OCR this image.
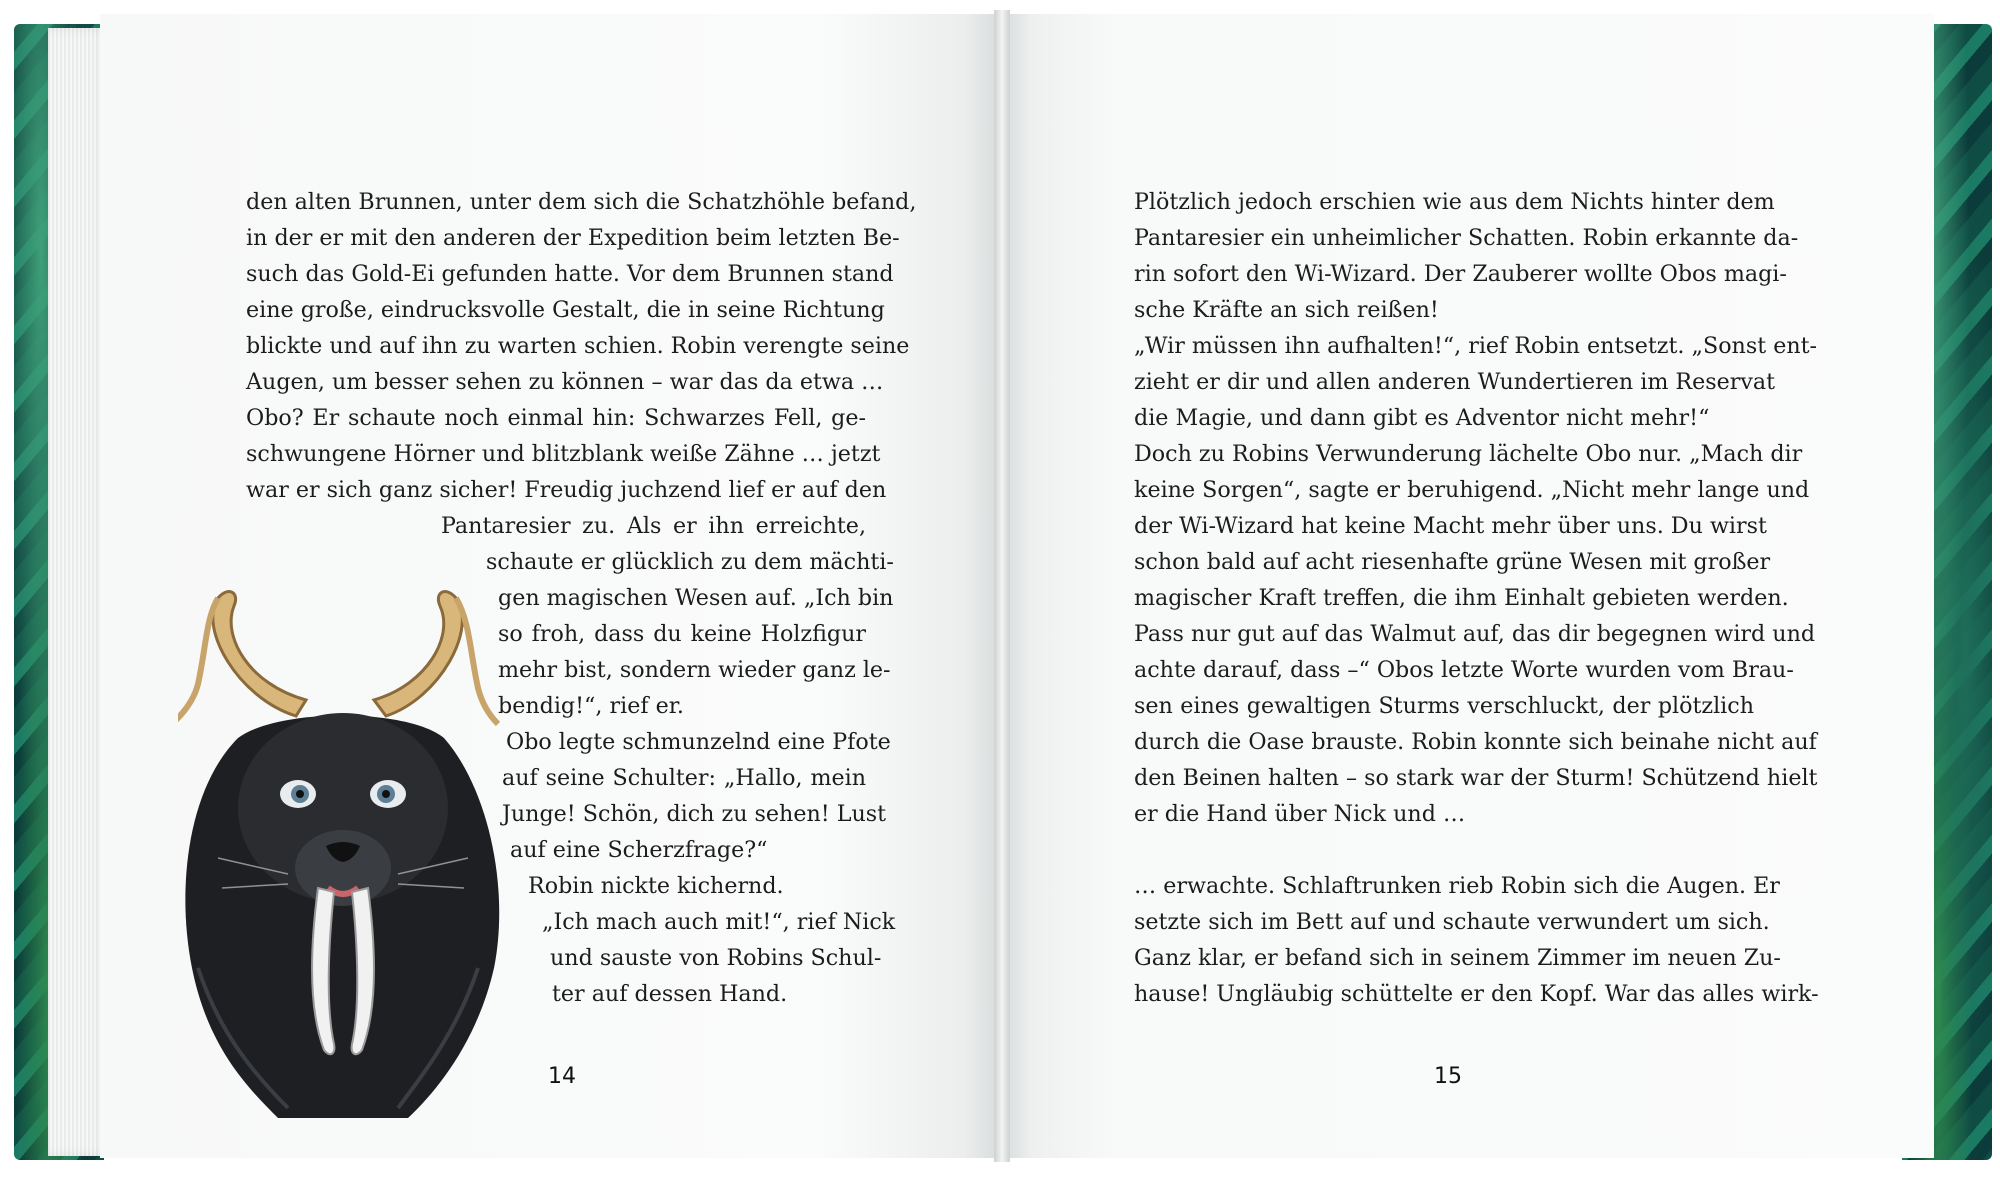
den alten Brunnen, unter dem sich die Schatzhöhle befand,
in der er mit den anderen der Expedition beim letzten Be-
such das Gold-Ei gefunden hatte. Vor dem Brunnen stand
eine große, eindrucksvolle Gestalt, die in seine Richtung
blickte und auf ihn zu warten schien. Robin verengte seine
Augen, um besser sehen zu können – war das da etwa …
Obo? Er schaute noch einmal hin: Schwarzes Fell, ge-
schwungene Hörner und blitzblank weiße Zähne … jetzt
war er sich ganz sicher! Freudig juchzend lief er auf den
Pantaresier zu. Als er ihn erreichte,
schaute er glücklich zu dem mächti-
gen magischen Wesen auf. „Ich bin
so froh, dass du keine Holzfigur
mehr bist, sondern wieder ganz le-
bendig!“, rief er.
Obo legte schmunzelnd eine Pfote
auf seine Schulter: „Hallo, mein
Junge! Schön, dich zu sehen! Lust
auf eine Scherzfrage?“
Robin nickte kichernd.
„Ich mach auch mit!“, rief Nick
und sauste von Robins Schul-
ter auf dessen Hand.
14
Plötzlich jedoch erschien wie aus dem Nichts hinter dem
Pantaresier ein unheimlicher Schatten. Robin erkannte da-
rin sofort den Wi-Wizard. Der Zauberer wollte Obos magi-
sche Kräfte an sich reißen!
„Wir müssen ihn aufhalten!“, rief Robin entsetzt. „Sonst ent-
zieht er dir und allen anderen Wundertieren im Reservat
die Magie, und dann gibt es Adventor nicht mehr!“
Doch zu Robins Verwunderung lächelte Obo nur. „Mach dir
keine Sorgen“, sagte er beruhigend. „Nicht mehr lange und
der Wi-Wizard hat keine Macht mehr über uns. Du wirst
schon bald auf acht riesenhafte grüne Wesen mit großer
magischer Kraft treffen, die ihm Einhalt gebieten werden.
Pass nur gut auf das Walmut auf, das dir begegnen wird und
achte darauf, dass –“ Obos letzte Worte wurden vom Brau-
sen eines gewaltigen Sturms verschluckt, der plötzlich
durch die Oase brauste. Robin konnte sich beinahe nicht auf
den Beinen halten – so stark war der Sturm! Schützend hielt
er die Hand über Nick und …
… erwachte. Schlaftrunken rieb Robin sich die Augen. Er
setzte sich im Bett auf und schaute verwundert um sich.
Ganz klar, er befand sich in seinem Zimmer im neuen Zu-
hause! Ungläubig schüttelte er den Kopf. War das alles wirk-
15
